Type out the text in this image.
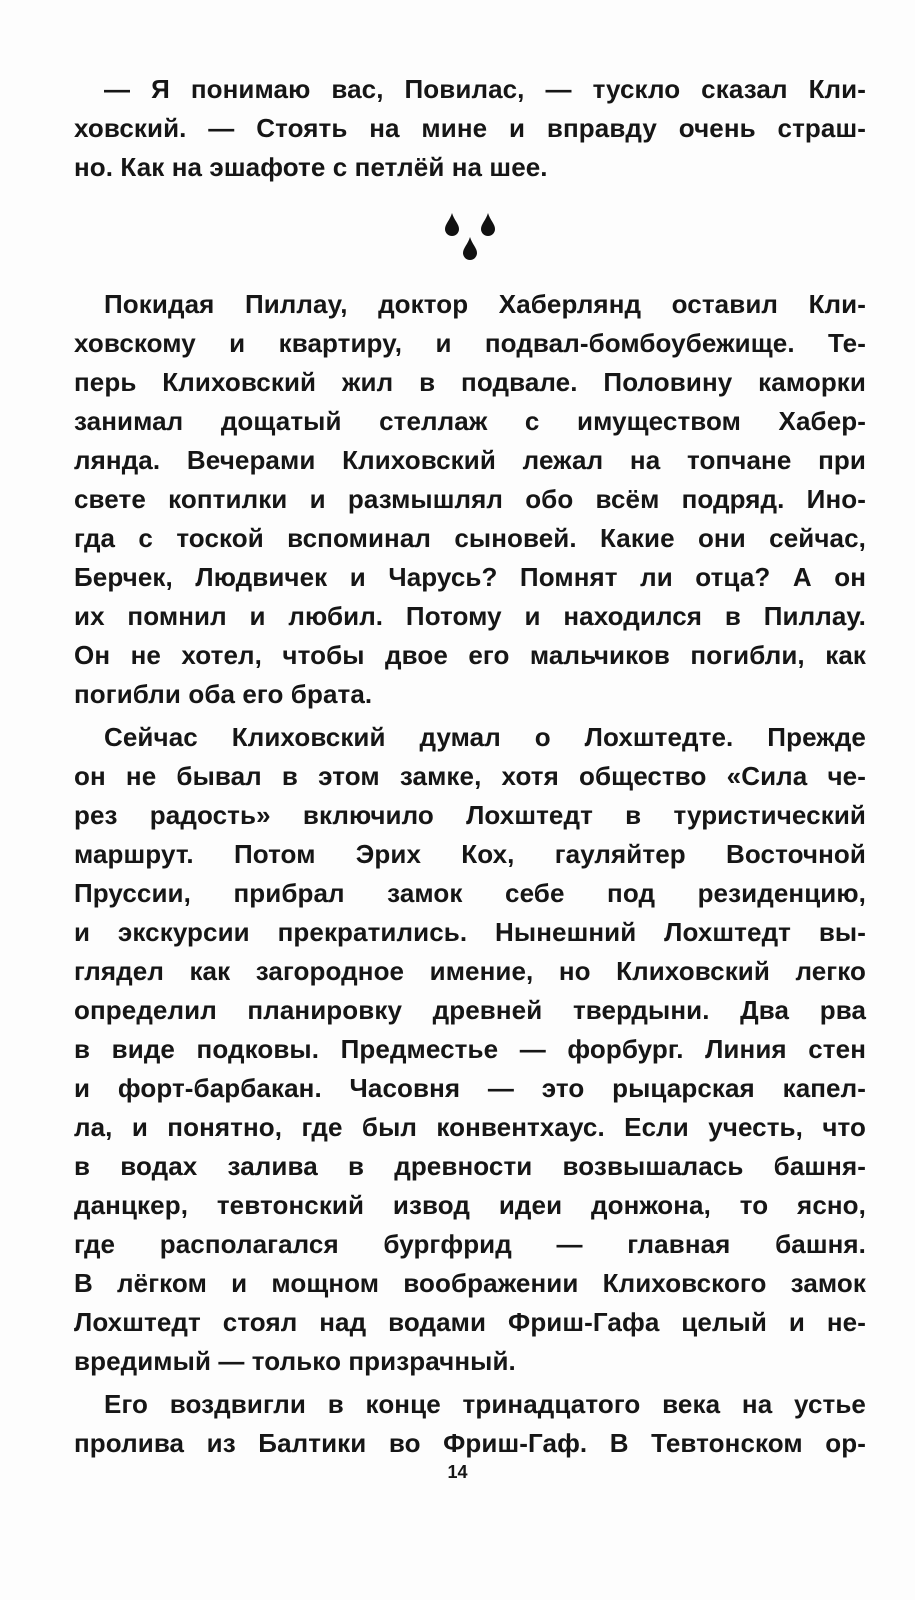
— Я понимаю вас, Повилас, — тускло сказал Кли-
ховский. — Стоять на мине и вправду очень страш-
но. Как на эшафоте с петлёй на шее.
Покидая Пиллау, доктор Хаберлянд оставил Кли-
ховскому и квартиру, и подвал-бомбоубежище. Те-
перь Клиховский жил в подвале. Половину каморки
занимал дощатый стеллаж с имуществом Хабер-
лянда. Вечерами Клиховский лежал на топчане при
свете коптилки и размышлял обо всём подряд. Ино-
гда с тоской вспоминал сыновей. Какие они сейчас,
Берчек, Людвичек и Чарусь? Помнят ли отца? А он
их помнил и любил. Потому и находился в Пиллау.
Он не хотел, чтобы двое его мальчиков погибли, как
погибли оба его брата.
Сейчас Клиховский думал о Лохштедте. Прежде
он не бывал в этом замке, хотя общество «Сила че-
рез радость» включило Лохштедт в туристический
маршрут. Потом Эрих Кох, гауляйтер Восточной
Пруссии, прибрал замок себе под резиденцию,
и экскурсии прекратились. Нынешний Лохштедт вы-
глядел как загородное имение, но Клиховский легко
определил планировку древней твердыни. Два рва
в виде подковы. Предместье — форбург. Линия стен
и форт-барбакан. Часовня — это рыцарская капел-
ла, и понятно, где был конвентхаус. Если учесть, что
в водах залива в древности возвышалась башня-
данцкер, тевтонский извод идеи донжона, то ясно,
где располагался бургфрид — главная башня.
В лёгком и мощном воображении Клиховского замок
Лохштедт стоял над водами Фриш-Гафа целый и не-
вредимый — только призрачный.
Его воздвигли в конце тринадцатого века на устье
пролива из Балтики во Фриш-Гаф. В Тевтонском ор-
14
